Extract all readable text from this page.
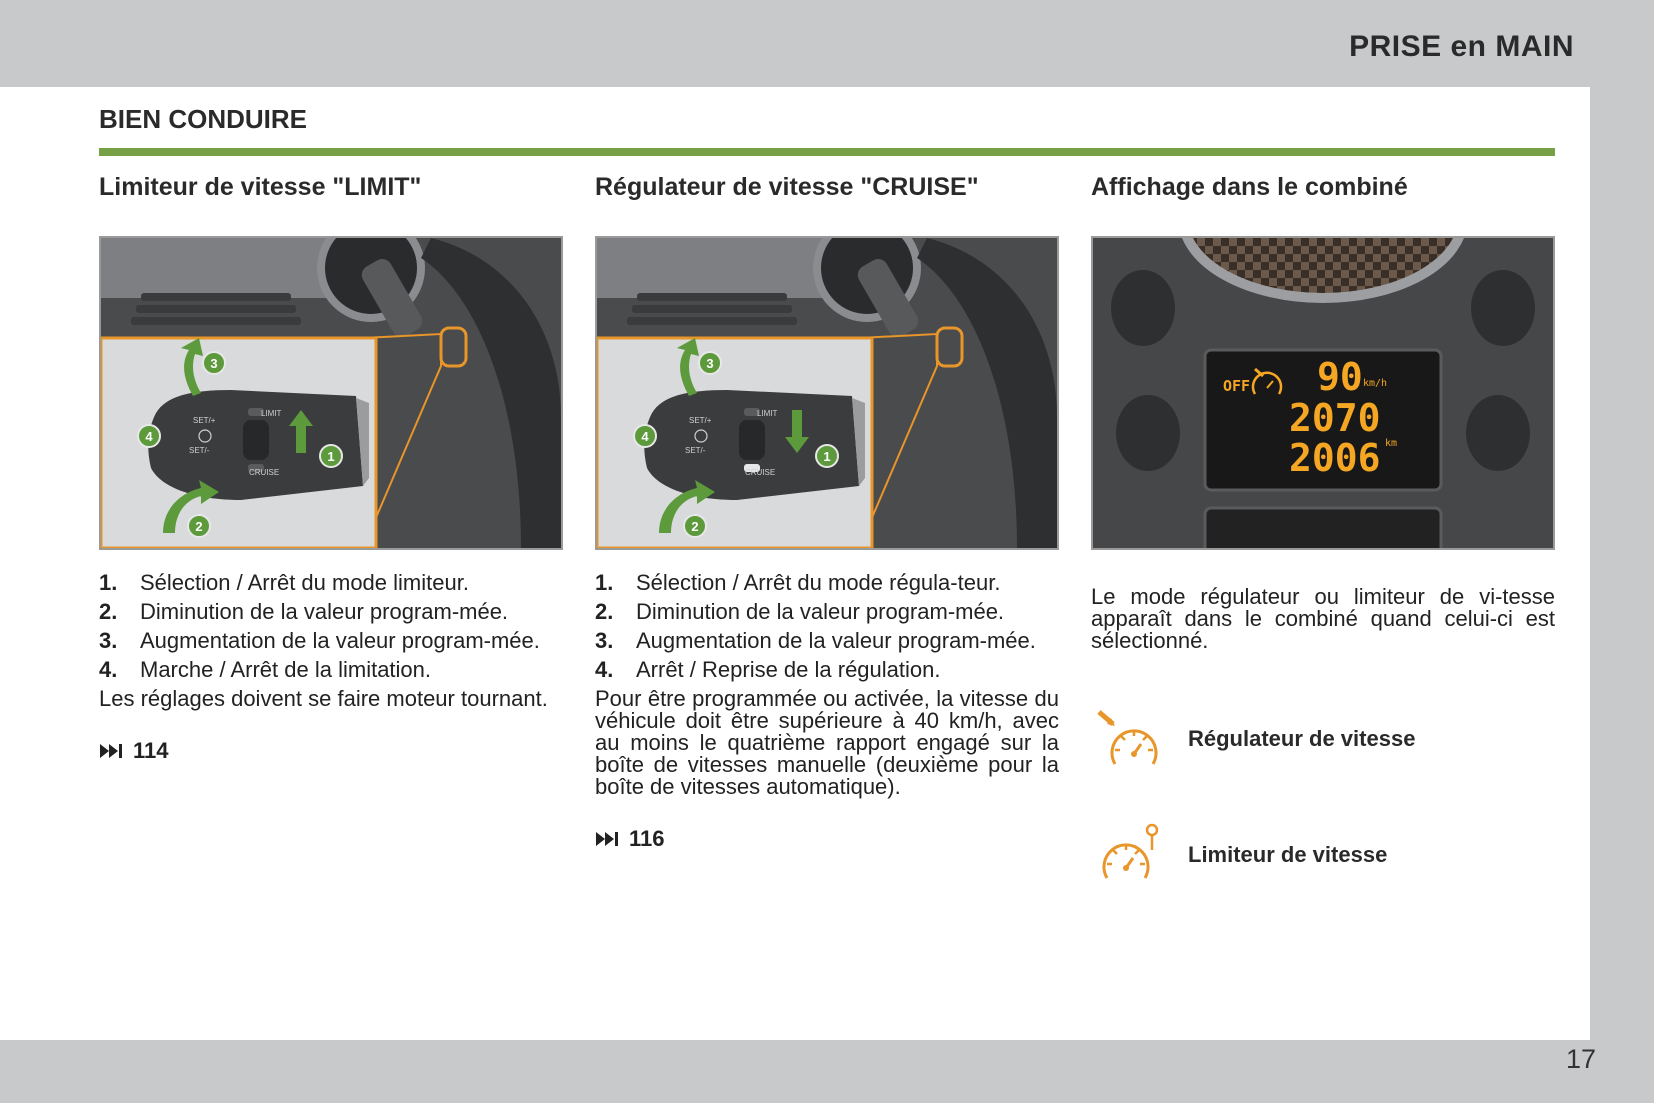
PRISE en MAIN
17
BIEN CONDUIRE
Limiteur de vitesse "LIMIT"
SET/+
SET/-
LIMIT
CRUISE
3
4
1
2
1. Sélection / Arrêt du mode limiteur.
2. Diminution de la valeur program-mée.
3. Augmentation de la valeur program-mée.
4. Marche / Arrêt de la limitation.

Les réglages doivent se faire moteur tournant.

114
Régulateur de vitesse "CRUISE"
SET/+
SET/-
LIMIT
CRUISE
3
4
1
2
1. Sélection / Arrêt du mode régula-teur.
2. Diminution de la valeur program-mée.
3. Augmentation de la valeur program-mée.
4. Arrêt / Reprise de la régulation.

Pour être programmée ou activée, la vitesse du véhicule doit être supérieure à 40 km/h, avec au moins le quatrième rapport engagé sur la boîte de vitesses manuelle (deuxième pour la boîte de vitesses automatique).

116
Affichage dans le combiné
OFF 90 km/h
2070
2006 km

Le mode régulateur ou limiteur de vi-tesse apparaît dans le combiné quand celui-ci est sélectionné.

Régulateur de vitesse
Limiteur de vitesse
